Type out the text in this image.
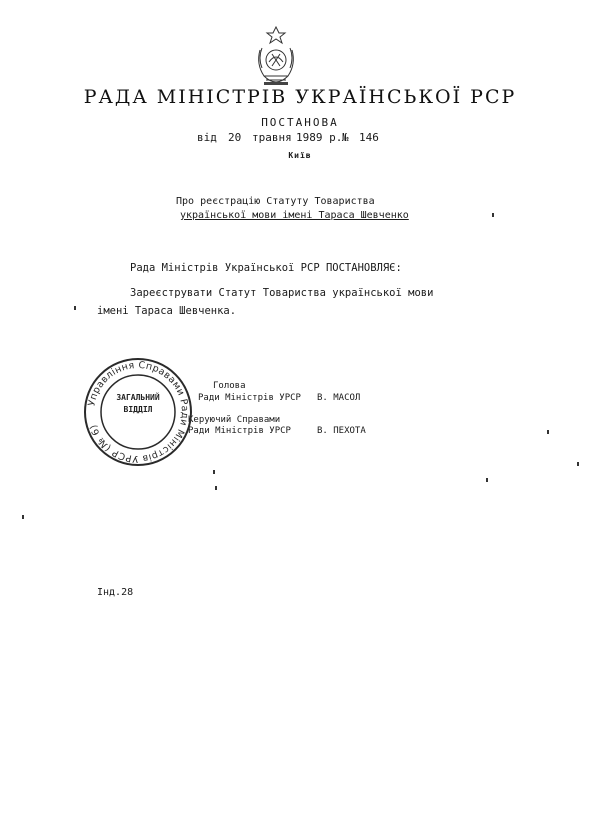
РАДА МІНІСТРІВ УКРАЇНСЬКОЇ РСР
ПОСТАНОВА
від 20 травня 1989 р. № 146
Київ
Про реєстрацію Статуту Товариства
української мови імені Тараса Шевченко
Рада Міністрів Української РСР ПОСТАНОВЛЯЄ:
Зареєструвати Статут Товариства української мови
імені Тараса Шевченка.
Голова
Ради Міністрів УРСР В. МАСОЛ
Керуючий Справами
Ради Міністрів УРСР	В. ПЕХОТА
Управління Справами Ради Міністрів УРСР (№ 6)
ЗАГАЛЬНИЙ
ВІДДІЛ
Інд.28
